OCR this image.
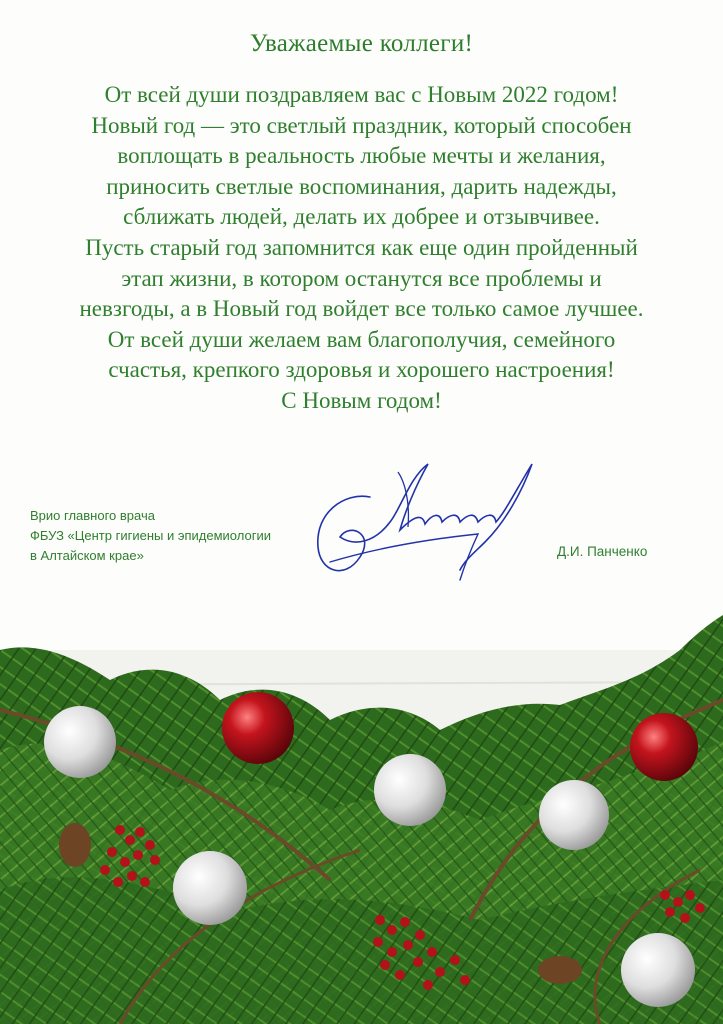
Уважаемые коллеги!
От всей души поздравляем вас с Новым 2022 годом!
Новый год — это светлый праздник, который способен
воплощать в реальность любые мечты и желания,
приносить светлые воспоминания, дарить надежды,
сближать людей, делать их добрее и отзывчивее.
Пусть старый год запомнится как еще один пройденный
этап жизни, в котором останутся все проблемы и
невзгоды, а в Новый год войдет все только самое лучшее.
От всей души желаем вам благополучия, семейного
счастья, крепкого здоровья и хорошего настроения!
С Новым годом!
Врио главного врача
ФБУЗ «Центр гигиены и эпидемиологии
в Алтайском крае»	Д.И. Панченко
